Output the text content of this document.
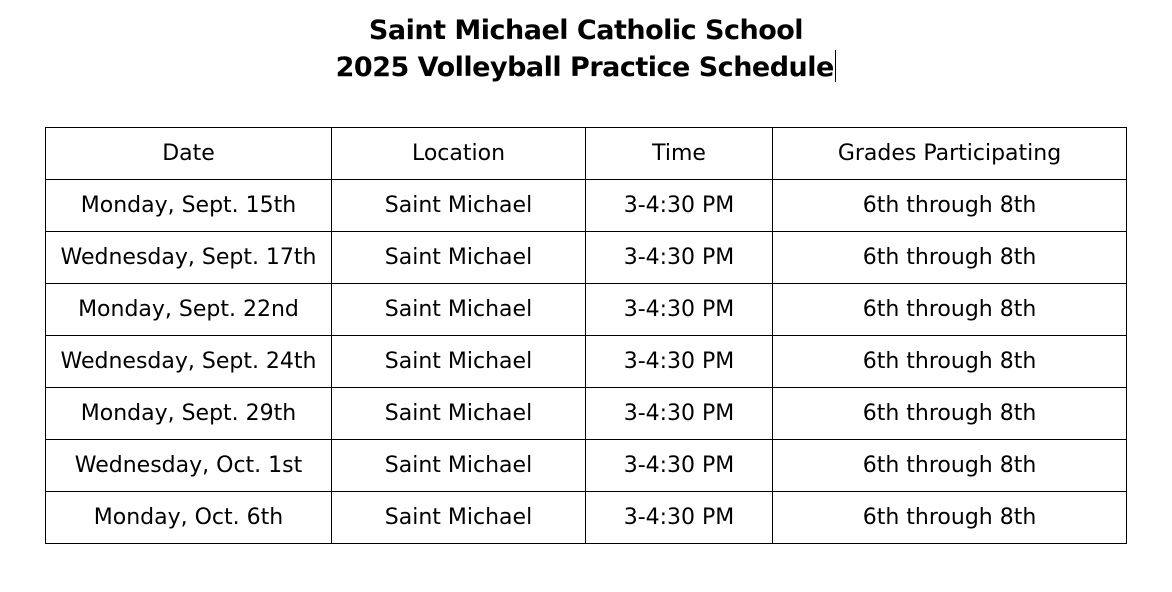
Saint Michael Catholic School
2025 Volleyball Practice Schedule
Date	Location	Time	Grades Participating
Monday, Sept. 15th	Saint Michael	3-4:30 PM	6th through 8th
Wednesday, Sept. 17th	Saint Michael	3-4:30 PM	6th through 8th
Monday, Sept. 22nd	Saint Michael	3-4:30 PM	6th through 8th
Wednesday, Sept. 24th	Saint Michael	3-4:30 PM	6th through 8th
Monday, Sept. 29th	Saint Michael	3-4:30 PM	6th through 8th
Wednesday, Oct. 1st	Saint Michael	3-4:30 PM	6th through 8th
Monday, Oct. 6th	Saint Michael	3-4:30 PM	6th through 8th
